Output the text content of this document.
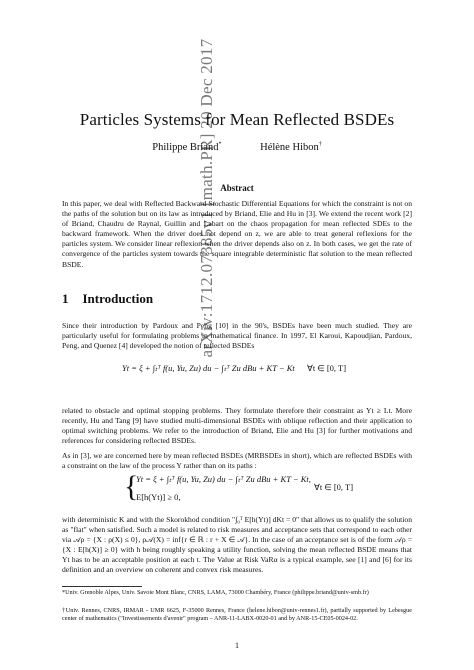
arXiv:1712.07385v1 [math.PR] 20 Dec 2017
Particles Systems for Mean Reflected BSDEs
Philippe Briand*	Hélène Hibon†
Abstract
In this paper, we deal with Reflected Backward Stochastic Differential Equations for which the constraint is not on the paths of the solution but on its law as introduced by Briand, Elie and Hu in [3]. We extend the recent work [2] of Briand, Chaudru de Raynal, Guillin and Labart on the chaos propagation for mean reflected SDEs to the backward framework. When the driver does not depend on z, we are able to treat general reflexions for the particles system. We consider linear reflexion when the driver depends also on z. In both cases, we get the rate of convergence of the particles system towards the square integrable deterministic flat solution to the mean reflected BSDE.
1 Introduction
Since their introduction by Pardoux and Peng [10] in the 90's, BSDEs have been much studied. They are particularly useful for formulating problems in mathematical finance. In 1997, El Karoui, Kapoudjian, Pardoux, Peng, and Quenez [4] developed the notion of reflected BSDEs
Yt = ξ + ∫ₜᵀ f(u, Yu, Zu) du − ∫ₜᵀ Zu dBu + KT − Kt ∀t ∈ [0, T]
related to obstacle and optimal stopping problems. They formulate therefore their constraint as Yt ≥ Lt. More recently, Hu and Tang [9] have studied multi-dimensional BSDEs with oblique reflection and their application to optimal switching problems. We refer to the introduction of Briand, Elie and Hu [3] for further motivations and references for considering reflected BSDEs.
As in [3], we are concerned here by mean reflected BSDEs (MRBSDEs in short), which are reflected BSDEs with a constraint on the law of the process Y rather than on its paths :
{
Yt = ξ + ∫ₜᵀ f(u, Yu, Zu) du − ∫ₜᵀ Zu dBu + KT − Kt,
E[h(Yt)] ≥ 0,
∀t ∈ [0, T]
with deterministic K and with the Skorokhod condition "∫₀ᵀ E[h(Yt)] dKt = 0" that allows us to qualify the solution as "flat" when satisfied. Such a model is related to risk measures and acceptance sets that correspond to each other via 𝒜ρ = {X : ρ(X) ≤ 0}, ρ𝒜(X) = inf{r ∈ ℝ : r + X ∈ 𝒜}. In the case of an acceptance set is of the form 𝒜ρ = {X : E[h(X)] ≥ 0} with h being roughly speaking a utility function, solving the mean reflected BSDE means that Yt has to be an acceptable position at each t. The Value at Risk VaRα is a typical example, see [1] and [6] for its definition and an overview on coherent and convex risk measures.
*Univ. Grenoble Alpes, Univ. Savoie Mont Blanc, CNRS, LAMA, 73000 Chambéry, France (philippe.briand@univ-smb.fr)
†Univ. Rennes, CNRS, IRMAR - UMR 6625, F-35000 Rennes, France (helene.hibon@univ-rennes1.fr), partially supported by Lebesgue center of mathematics ("Investissements d'avenir" program – ANR-11-LABX-0020-01 and by ANR-15-CE05-0024-02.
1
